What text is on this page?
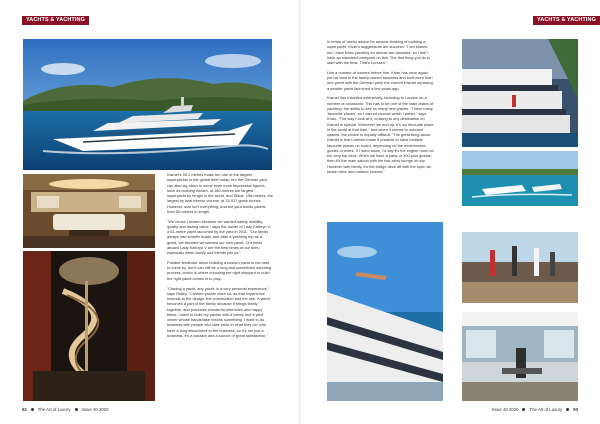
YACHTS & YACHTING	YACHTS & YACHTING

Kismet's 95.2 metres make her one of the largest superyachts in the global fleet today: but the German yard can also lay claim to some even more impressive figures, such as building Azzam, at 180-metres the largest superyacht by length in the world, and Dilbar, 156-metres, the largest by total interior volume, at 15,917 gross tonnes. However, size isn't everything, and the yard builds yachts from 50-metres in length.

"We chose Lürssen because we wanted safety, stability, quality and lasting value," says the owner of Lady Kathryn V, a 61-metre yacht launched by the yard in 2011. "Our family always had smaller boats, and after a yachting trip as a guest, we decided we wanted our own yacht. Our times aboard Lady Kathryn V are the best times of our lives, especially when family and friends join us."

Positive feedback about building a custom yacht is not hard to come by, but it can still be a long and sometimes daunting process, which is where choosing the right shipyard to build the right yacht comes in to play.

"Owning a yacht, any yacht, is a very personal experience," says Ridley. "Custom yachts more so, as that experience extends to the design, the construction and the use. A yacht becomes a part of the family because it brings family together, and produces wonderful memories and happy times. I want to build my yachts with a family and a yard owner whose handshake means something. I want to do business with people who take pride in what they do: who have a long attachment to the business, so it's not just a business, it's a passion and a source of great satisfaction."

In terms of useful advice for anyone thinking of building a superyacht, Khan's suggestions are succinct: "I am biased, but I have been yachting for almost two decades, so I feel I have an educated viewpoint on this. The first thing you do is start with the best. That's Lürssen."

Like a number of owners before him, Khan has once again put his trust in the family-owned business and built more than one yacht with the German yard; the current Kismet replacing a smaller yacht launched a few years ago.

Kismet has travelled extensively, including to London on a number of occasions. This has to be one of the main draws of yachting: the ability to see so many new places. "I have many 'favourite places', so I cannot choose which I prefer," says Khan. "The way I look at it, cruising to any destination on Kismet is special. Wherever we end up, it's my favourite place in the world at that time." And when it comes to onboard spaces, the choice is equally difficult. "The great thing about Kismet is that Lürssen made it possible to have multiple favourite places on board, depending on the environment, guests or event. If I were alone, I'd say it's the engine room on the very top deck. When we have a party or 300-plus guests, then it's the main saloon with the two-story lounge on top. However with family, it's the bridge deck aft with the open air, beach deck and outdoor cinema."

92	The Art of Luxury	Issue 40 2020	Issue 40 2020	The Art of Luxury	93
